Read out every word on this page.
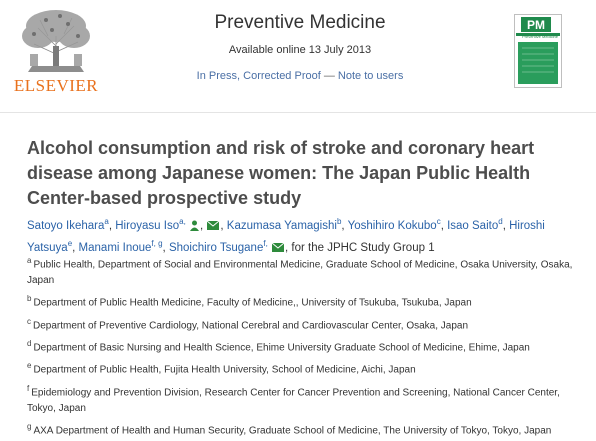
ELSEVIER
Preventive Medicine
Available online 13 July 2013
In Press, Corrected Proof — Note to users
PM
Preventive Medicine
Alcohol consumption and risk of stroke and coronary heart disease among Japanese women: The Japan Public Health Center-based prospective study
Satoyo Ikehara$^a$, Hiroyasu Iso$^{a,}$ , , Kazumasa Yamagishi$^b$, Yoshihiro Kokubo$^c$, Isao Saito$^d$, Hiroshi Yatsuya$^e$, Manami Inoue$^{f, g}$, Shoichiro Tsugane$^{f,}$ , for the JPHC Study Group 1
$^a$ Public Health, Department of Social and Environmental Medicine, Graduate School of Medicine, Osaka University, Osaka, Japan
$^b$ Department of Public Health Medicine, Faculty of Medicine,, University of Tsukuba, Tsukuba, Japan
$^c$ Department of Preventive Cardiology, National Cerebral and Cardiovascular Center, Osaka, Japan
$^d$ Department of Basic Nursing and Health Science, Ehime University Graduate School of Medicine, Ehime, Japan
$^e$ Department of Public Health, Fujita Health University, School of Medicine, Aichi, Japan
$^f$ Epidemiology and Prevention Division, Research Center for Cancer Prevention and Screening, National Cancer Center, Tokyo, Japan
$^g$ AXA Department of Health and Human Security, Graduate School of Medicine, The University of Tokyo, Tokyo, Japan
